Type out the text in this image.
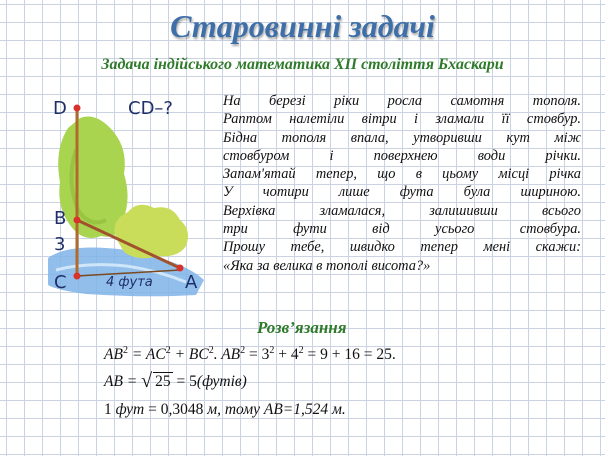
Старовинні задачі
Задача індійського математика XII століття Бхаскари
D	CD–?
B
3
C	4 фута A
На березі ріки росла самотня тополя.
Раптом налетіли вітри і зламали її стовбур.
Бідна тополя впала, утворивши кут між
стовбуром і поверхнею води річки.
Запам'ятай тепер, що в цьому місці річка
У чотири лише фута була шириною.
Верхівка зламалася, залишивши всього
три фути від усього стовбура.
Прошу тебе, швидко тепер мені скажи:
«Яка за велика в тополі висота?»
Розв’язання
$AB^2 = AC^2 + BC^2$. $AB^2 = 3^2 + 4^2 = 9 + 16 = 25$.
AB = √ 25 = 5(футів)
1 фут = 0,3048 м, тому AB=1,524 м.
